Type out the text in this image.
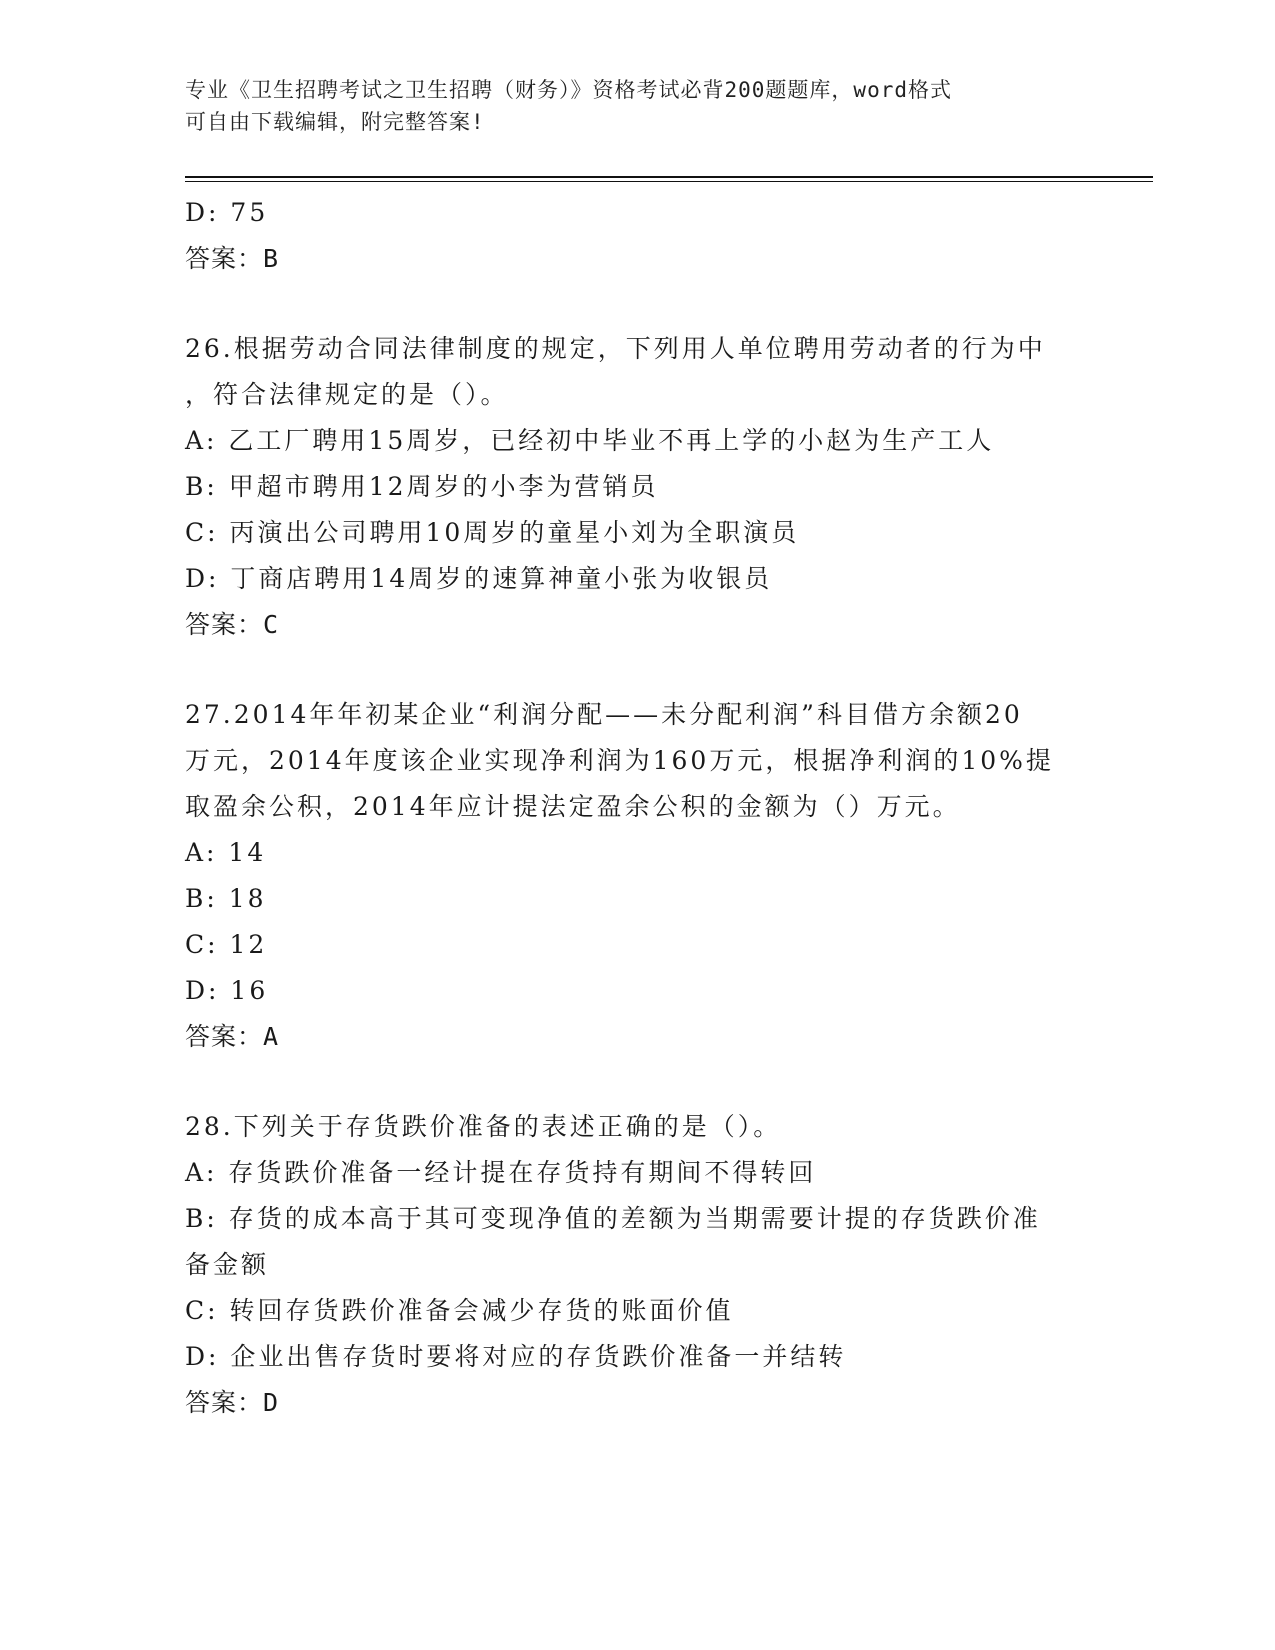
专业《卫生招聘考试之卫生招聘（财务）》资格考试必背200题题库，word格式
可自由下载编辑，附完整答案!
D: 75
答案：B
26.根据劳动合同法律制度的规定，下列用人单位聘用劳动者的行为中
，符合法律规定的是（）。
A: 乙工厂聘用15周岁，已经初中毕业不再上学的小赵为生产工人
B: 甲超市聘用12周岁的小李为营销员
C: 丙演出公司聘用10周岁的童星小刘为全职演员
D: 丁商店聘用14周岁的速算神童小张为收银员
答案：C
27.2014年年初某企业“利润分配——未分配利润”科目借方余额20
万元，2014年度该企业实现净利润为160万元，根据净利润的10%提
取盈余公积，2014年应计提法定盈余公积的金额为（）万元。
A: 14
B: 18
C: 12
D: 16
答案：A
28.下列关于存货跌价准备的表述正确的是（）。
A: 存货跌价准备一经计提在存货持有期间不得转回
B: 存货的成本高于其可变现净值的差额为当期需要计提的存货跌价准
备金额
C: 转回存货跌价准备会减少存货的账面价值
D: 企业出售存货时要将对应的存货跌价准备一并结转
答案：D
